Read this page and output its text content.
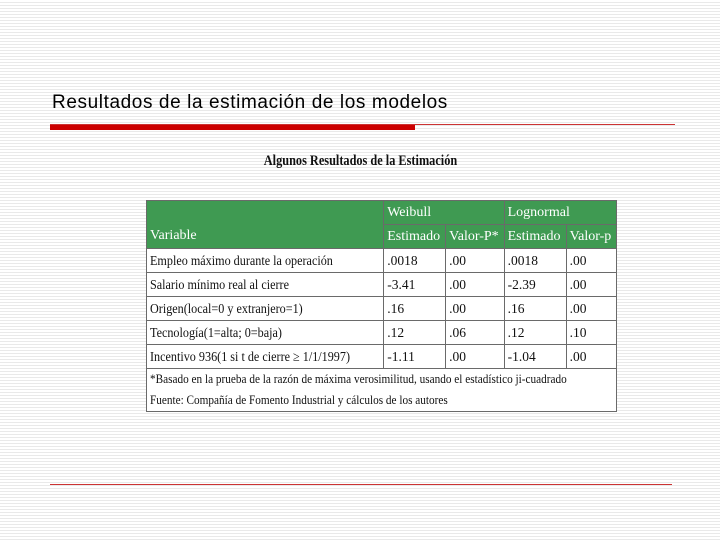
Resultados de la estimación de los modelos
Algunos Resultados de la Estimación
	Weibull		Lognormal	
Variable	Estimado	Valor-P*	Estimado	Valor-p
Empleo máximo durante la operación	.0018	.00	.0018	.00
Salario mínimo real al cierre	-3.41	.00	-2.39	.00
Origen(local=0 y extranjero=1)	.16	.00	.16	.00
Tecnología(1=alta; 0=baja)	.12	.06	.12	.10
Incentivo 936(1 si t de cierre ≥ 1/1/1997)	-1.11	.00	-1.04	.00
*Basado en la prueba de la razón de máxima verosimilitud, usando el estadístico ji-cuadrado				
Fuente: Compañía de Fomento Industrial y cálculos de los autores				
